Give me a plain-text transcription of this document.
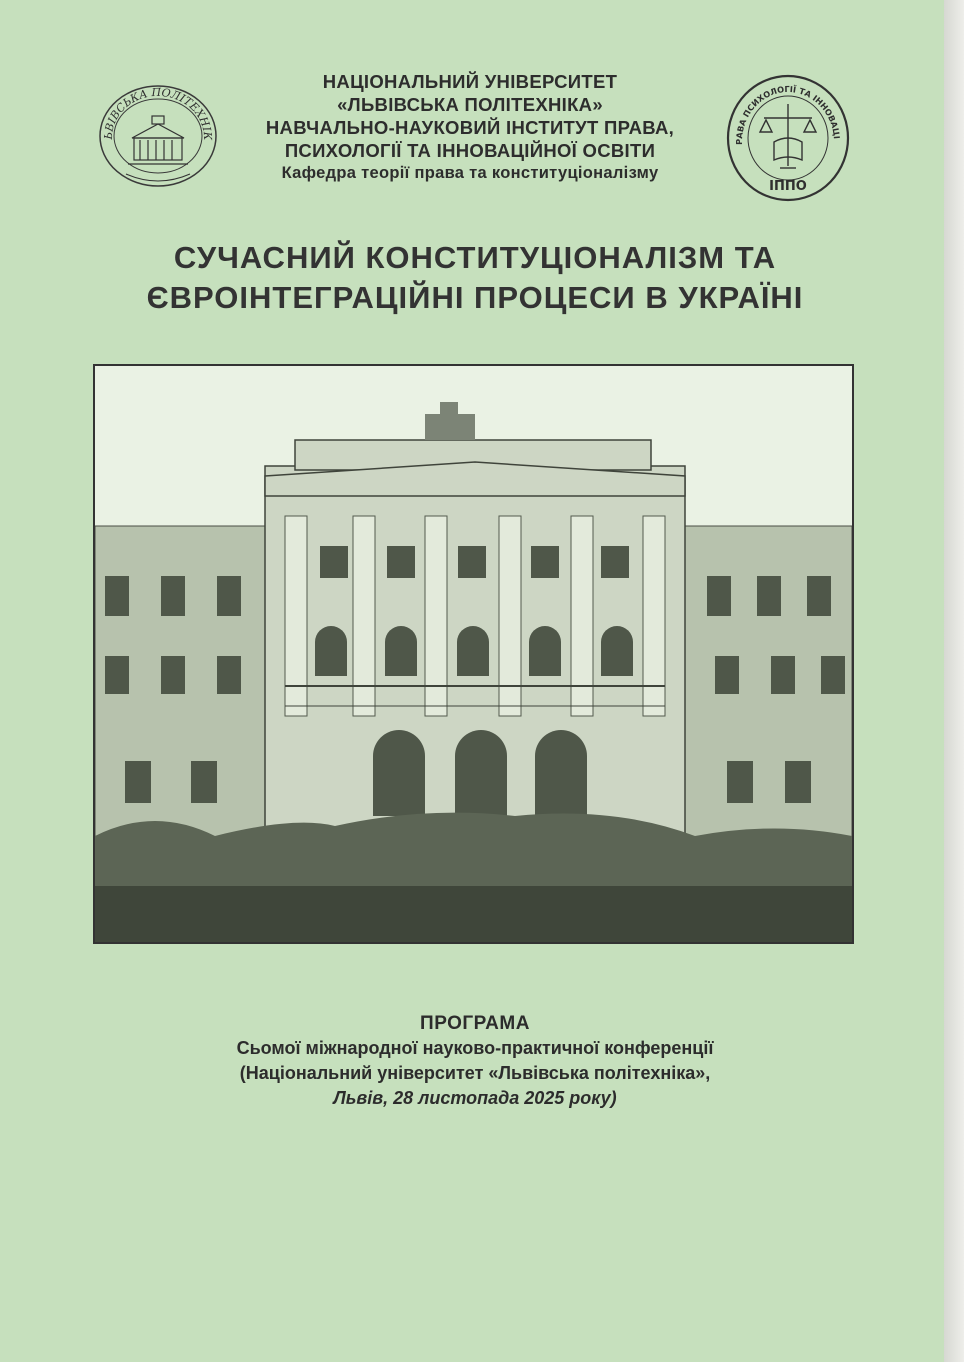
ЬВІВСЬКА ПОЛІТЕХНІК
НАЦІОНАЛЬНИЙ УНІВЕРСИТЕТ
«ЛЬВІВСЬКА ПОЛІТЕХНІКА»
НАВЧАЛЬНО-НАУКОВИЙ ІНСТИТУТ ПРАВА,
ПСИХОЛОГІЇ ТА ІННОВАЦІЙНОЇ ОСВІТИ
Кафедра теорії права та конституціоналізму
РАВА ПСИХОЛОГІЇ ТА ІННОВАЦІ
ІППО
СУЧАСНИЙ КОНСТИТУЦІОНАЛІЗМ ТА
ЄВРОІНТЕГРАЦІЙНІ ПРОЦЕСИ В УКРАЇНІ
ПРОГРАМА
Сьомої міжнародної науково-практичної конференції
(Національний університет «Львівська політехніка»,
Львів, 28 листопада 2025 року)
